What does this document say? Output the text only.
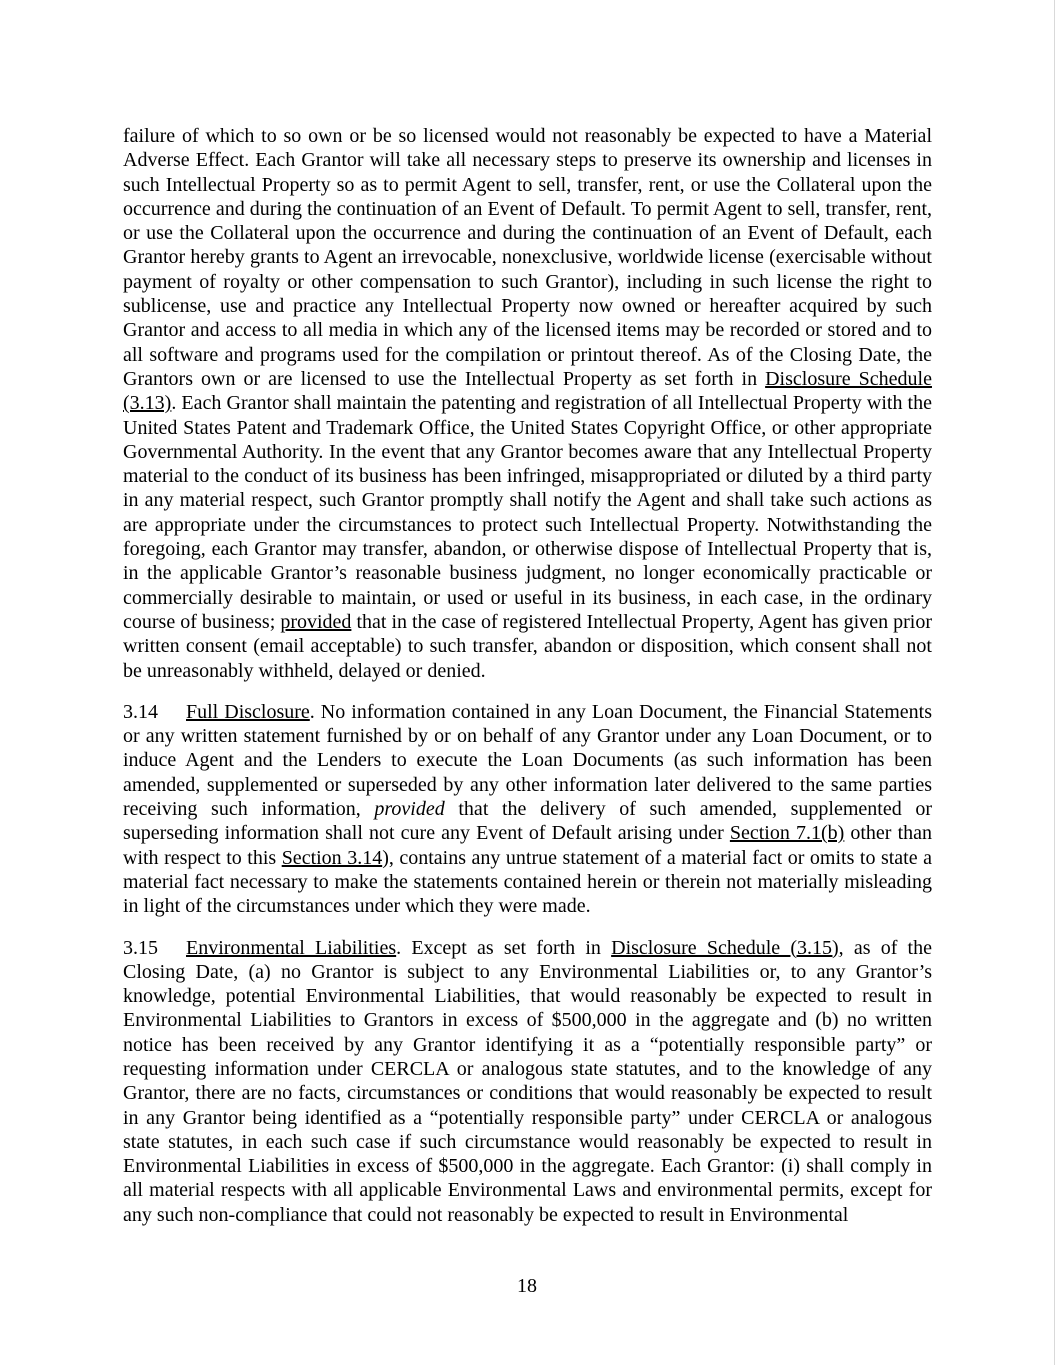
failure of which to so own or be so licensed would not reasonably be expected to have a Material Adverse Effect. Each Grantor will take all necessary steps to preserve its ownership and licenses in such Intellectual Property so as to permit Agent to sell, transfer, rent, or use the Collateral upon the occurrence and during the continuation of an Event of Default. To permit Agent to sell, transfer, rent, or use the Collateral upon the occurrence and during the continuation of an Event of Default, each Grantor hereby grants to Agent an irrevocable, nonexclusive, worldwide license (exercisable without payment of royalty or other compensation to such Grantor), including in such license the right to sublicense, use and practice any Intellectual Property now owned or hereafter acquired by such Grantor and access to all media in which any of the licensed items may be recorded or stored and to all software and programs used for the compilation or printout thereof. As of the Closing Date, the Grantors own or are licensed to use the Intellectual Property as set forth in Disclosure Schedule (3.13). Each Grantor shall maintain the patenting and registration of all Intellectual Property with the United States Patent and Trademark Office, the United States Copyright Office, or other appropriate Governmental Authority. In the event that any Grantor becomes aware that any Intellectual Property material to the conduct of its business has been infringed, misappropriated or diluted by a third party in any material respect, such Grantor promptly shall notify the Agent and shall take such actions as are appropriate under the circumstances to protect such Intellectual Property. Notwithstanding the foregoing, each Grantor may transfer, abandon, or otherwise dispose of Intellectual Property that is, in the applicable Grantor’s reasonable business judgment, no longer economically practicable or commercially desirable to maintain, or used or useful in its business, in each case, in the ordinary course of business; provided that in the case of registered Intellectual Property, Agent has given prior written consent (email acceptable) to such transfer, abandon or disposition, which consent shall not be unreasonably withheld, delayed or denied.

3.14 Full Disclosure. No information contained in any Loan Document, the Financial Statements or any written statement furnished by or on behalf of any Grantor under any Loan Document, or to induce Agent and the Lenders to execute the Loan Documents (as such information has been amended, supplemented or superseded by any other information later delivered to the same parties receiving such information, provided that the delivery of such amended, supplemented or superseding information shall not cure any Event of Default arising under Section 7.1(b) other than with respect to this Section 3.14), contains any untrue statement of a material fact or omits to state a material fact necessary to make the statements contained herein or therein not materially misleading in light of the circumstances under which they were made.

3.15 Environmental Liabilities. Except as set forth in Disclosure Schedule (3.15), as of the Closing Date, (a) no Grantor is subject to any Environmental Liabilities or, to any Grantor’s knowledge, potential Environmental Liabilities, that would reasonably be expected to result in Environmental Liabilities to Grantors in excess of $500,000 in the aggregate and (b) no written notice has been received by any Grantor identifying it as a “potentially responsible party” or requesting information under CERCLA or analogous state statutes, and to the knowledge of any Grantor, there are no facts, circumstances or conditions that would reasonably be expected to result in any Grantor being identified as a “potentially responsible party” under CERCLA or analogous state statutes, in each such case if such circumstance would reasonably be expected to result in Environmental Liabilities in excess of $500,000 in the aggregate. Each Grantor: (i) shall comply in all material respects with all applicable Environmental Laws and environmental permits, except for any such non-compliance that could not reasonably be expected to result in Environmental

18
